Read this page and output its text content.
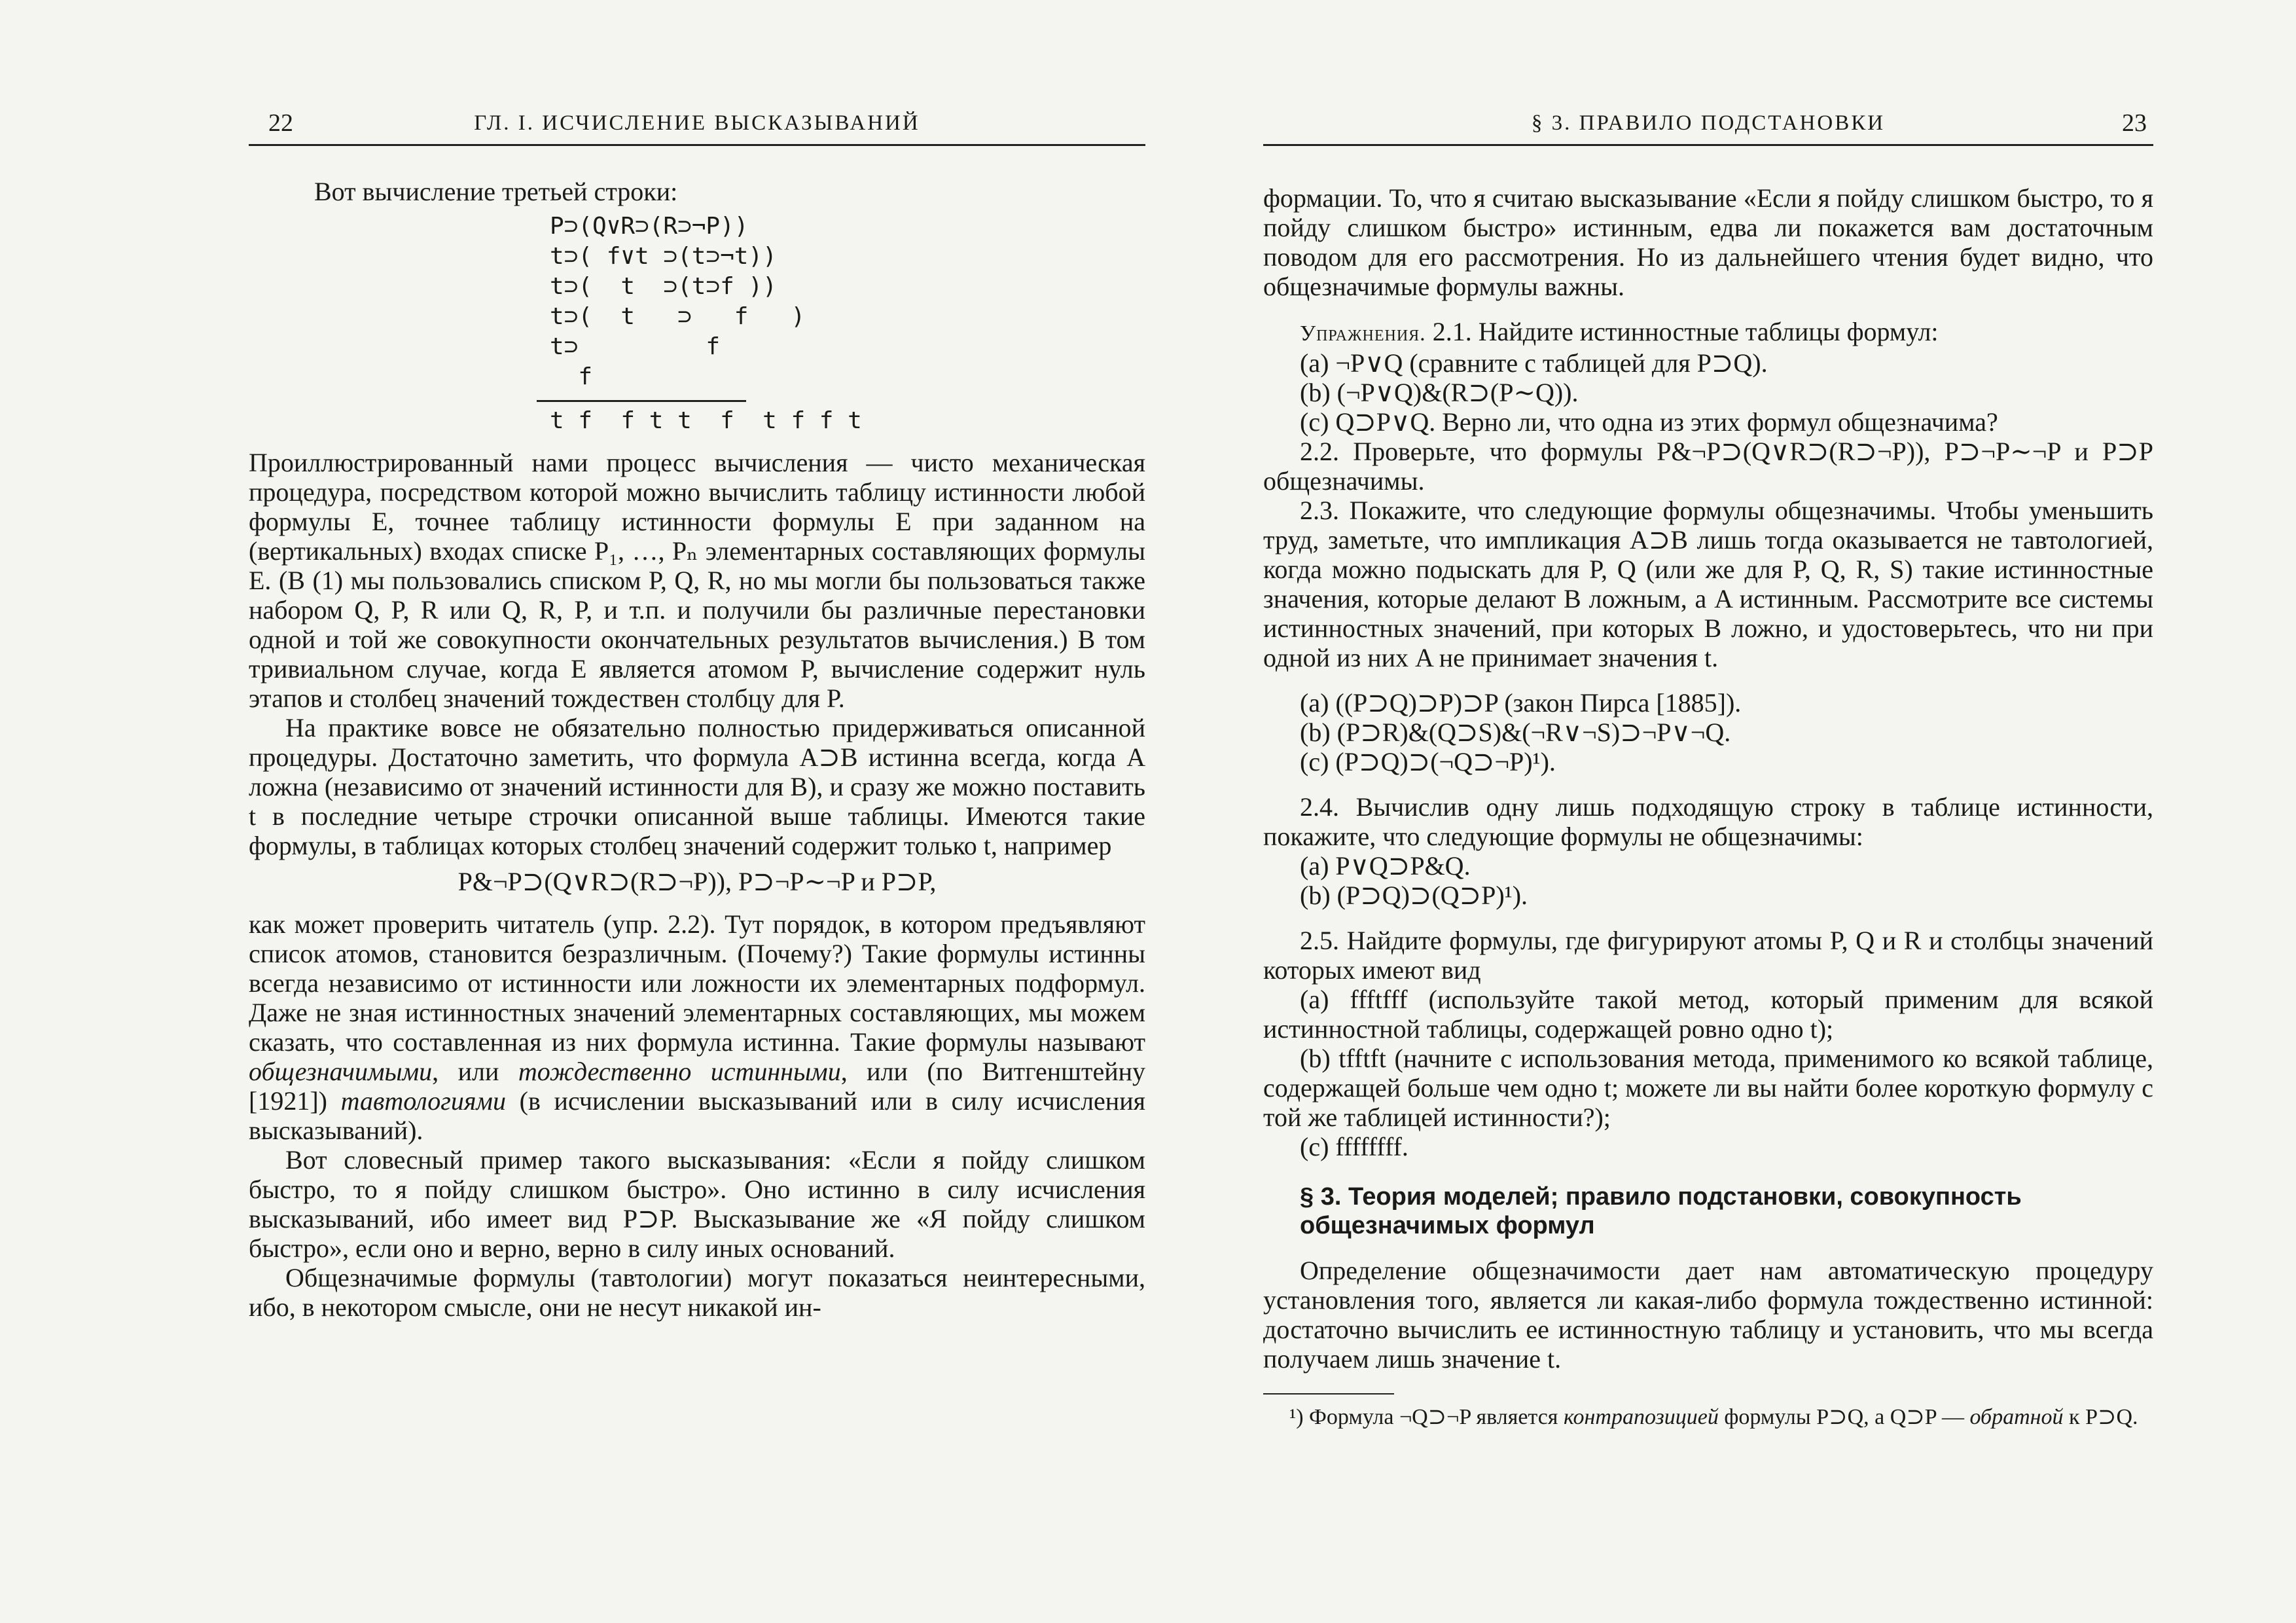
22	ГЛ. I. ИСЧИСЛЕНИЕ ВЫСКАЗЫВАНИЙ
Вот вычисление третьей строки:
P⊃(Q∨R⊃(R⊃¬P))
t⊃( f∨t ⊃(t⊃¬t))
t⊃(  t  ⊃(t⊃f ))
t⊃(  t   ⊃   f   )
t⊃         f
f
t f  f t t  f  t f f t

Проиллюстрированный нами процесс вычисления — чисто механическая процедура, посредством которой можно вычислить таблицу истинности любой формулы E, точнее таблицу истинности формулы E при заданном на (вертикальных) входах списке P₁, …, Pₙ элементарных составляющих формулы E. (В (1) мы пользовались списком P, Q, R, но мы могли бы пользоваться также набором Q, P, R или Q, R, P, и т.п. и получили бы различные перестановки одной и той же совокупности окончательных результатов вычисления.) В том тривиальном случае, когда E является атомом P, вычисление содержит нуль этапов и столбец значений тождествен столбцу для P.

На практике вовсе не обязательно полностью придерживаться описанной процедуры. Достаточно заметить, что формула A⊃B истинна всегда, когда A ложна (независимо от значений истинности для B), и сразу же можно поставить t в последние четыре строчки описанной выше таблицы. Имеются такие формулы, в таблицах которых столбец значений содержит только t, например

P&¬P⊃(Q∨R⊃(R⊃¬P)), P⊃¬P∼¬P и P⊃P,

как может проверить читатель (упр. 2.2). Тут порядок, в котором предъявляют список атомов, становится безразличным. (Почему?) Такие формулы истинны всегда независимо от истинности или ложности их элементарных подформул. Даже не зная истинностных значений элементарных составляющих, мы можем сказать, что составленная из них формула истинна. Такие формулы называют общезначимыми, или тождественно истинными, или (по Витгенштейну [1921]) тавтологиями (в исчислении высказываний или в силу исчисления высказываний).

Вот словесный пример такого высказывания: «Если я пойду слишком быстро, то я пойду слишком быстро». Оно истинно в силу исчисления высказываний, ибо имеет вид P⊃P. Высказывание же «Я пойду слишком быстро», если оно и верно, верно в силу иных оснований.

Общезначимые формулы (тавтологии) могут показаться неинтересными, ибо, в некотором смысле, они не несут никакой ин-

§ 3. ПРАВИЛО ПОДСТАНОВКИ	23

формации. То, что я считаю высказывание «Если я пойду слишком быстро, то я пойду слишком быстро» истинным, едва ли покажется вам достаточным поводом для его рассмотрения. Но из дальнейшего чтения будет видно, что общезначимые формулы важны.

Упражнения. 2.1. Найдите истинностные таблицы формул:
(a) ¬P∨Q (сравните с таблицей для P⊃Q).
(b) (¬P∨Q)&(R⊃(P∼Q)).
(c) Q⊃P∨Q. Верно ли, что одна из этих формул общезначима?

2.2. Проверьте, что формулы P&¬P⊃(Q∨R⊃(R⊃¬P)), P⊃¬P∼¬P и P⊃P общезначимы.

2.3. Покажите, что следующие формулы общезначимы. Чтобы уменьшить труд, заметьте, что импликация A⊃B лишь тогда оказывается не тавтологией, когда можно подыскать для P, Q (или же для P, Q, R, S) такие истинностные значения, которые делают B ложным, а A истинным. Рассмотрите все системы истинностных значений, при которых B ложно, и удостоверьтесь, что ни при одной из них A не принимает значения t.

(a) ((P⊃Q)⊃P)⊃P (закон Пирса [1885]).
(b) (P⊃R)&(Q⊃S)&(¬R∨¬S)⊃¬P∨¬Q.
(c) (P⊃Q)⊃(¬Q⊃¬P)¹).

2.4. Вычислив одну лишь подходящую строку в таблице истинности, покажите, что следующие формулы не общезначимы:

(a) P∨Q⊃P&Q.
(b) (P⊃Q)⊃(Q⊃P)¹).

2.5. Найдите формулы, где фигурируют атомы P, Q и R и столбцы значений которых имеют вид

(a) ffftfff (используйте такой метод, который применим для всякой истинностной таблицы, содержащей ровно одно t);

(b) tfftft (начните с использования метода, применимого ко всякой таблице, содержащей больше чем одно t; можете ли вы найти более короткую формулу с той же таблицей истинности?);

(c) ffffffff.
§ 3. Теория моделей; правило подстановки, совокупность общезначимых формул

Определение общезначимости дает нам автоматическую процедуру установления того, является ли какая-либо формула тождественно истинной: достаточно вычислить ее истинностную таблицу и установить, что мы всегда получаем лишь значение t.

¹) Формула ¬Q⊃¬P является контрапозицией формулы P⊃Q, а Q⊃P — обратной к P⊃Q.
